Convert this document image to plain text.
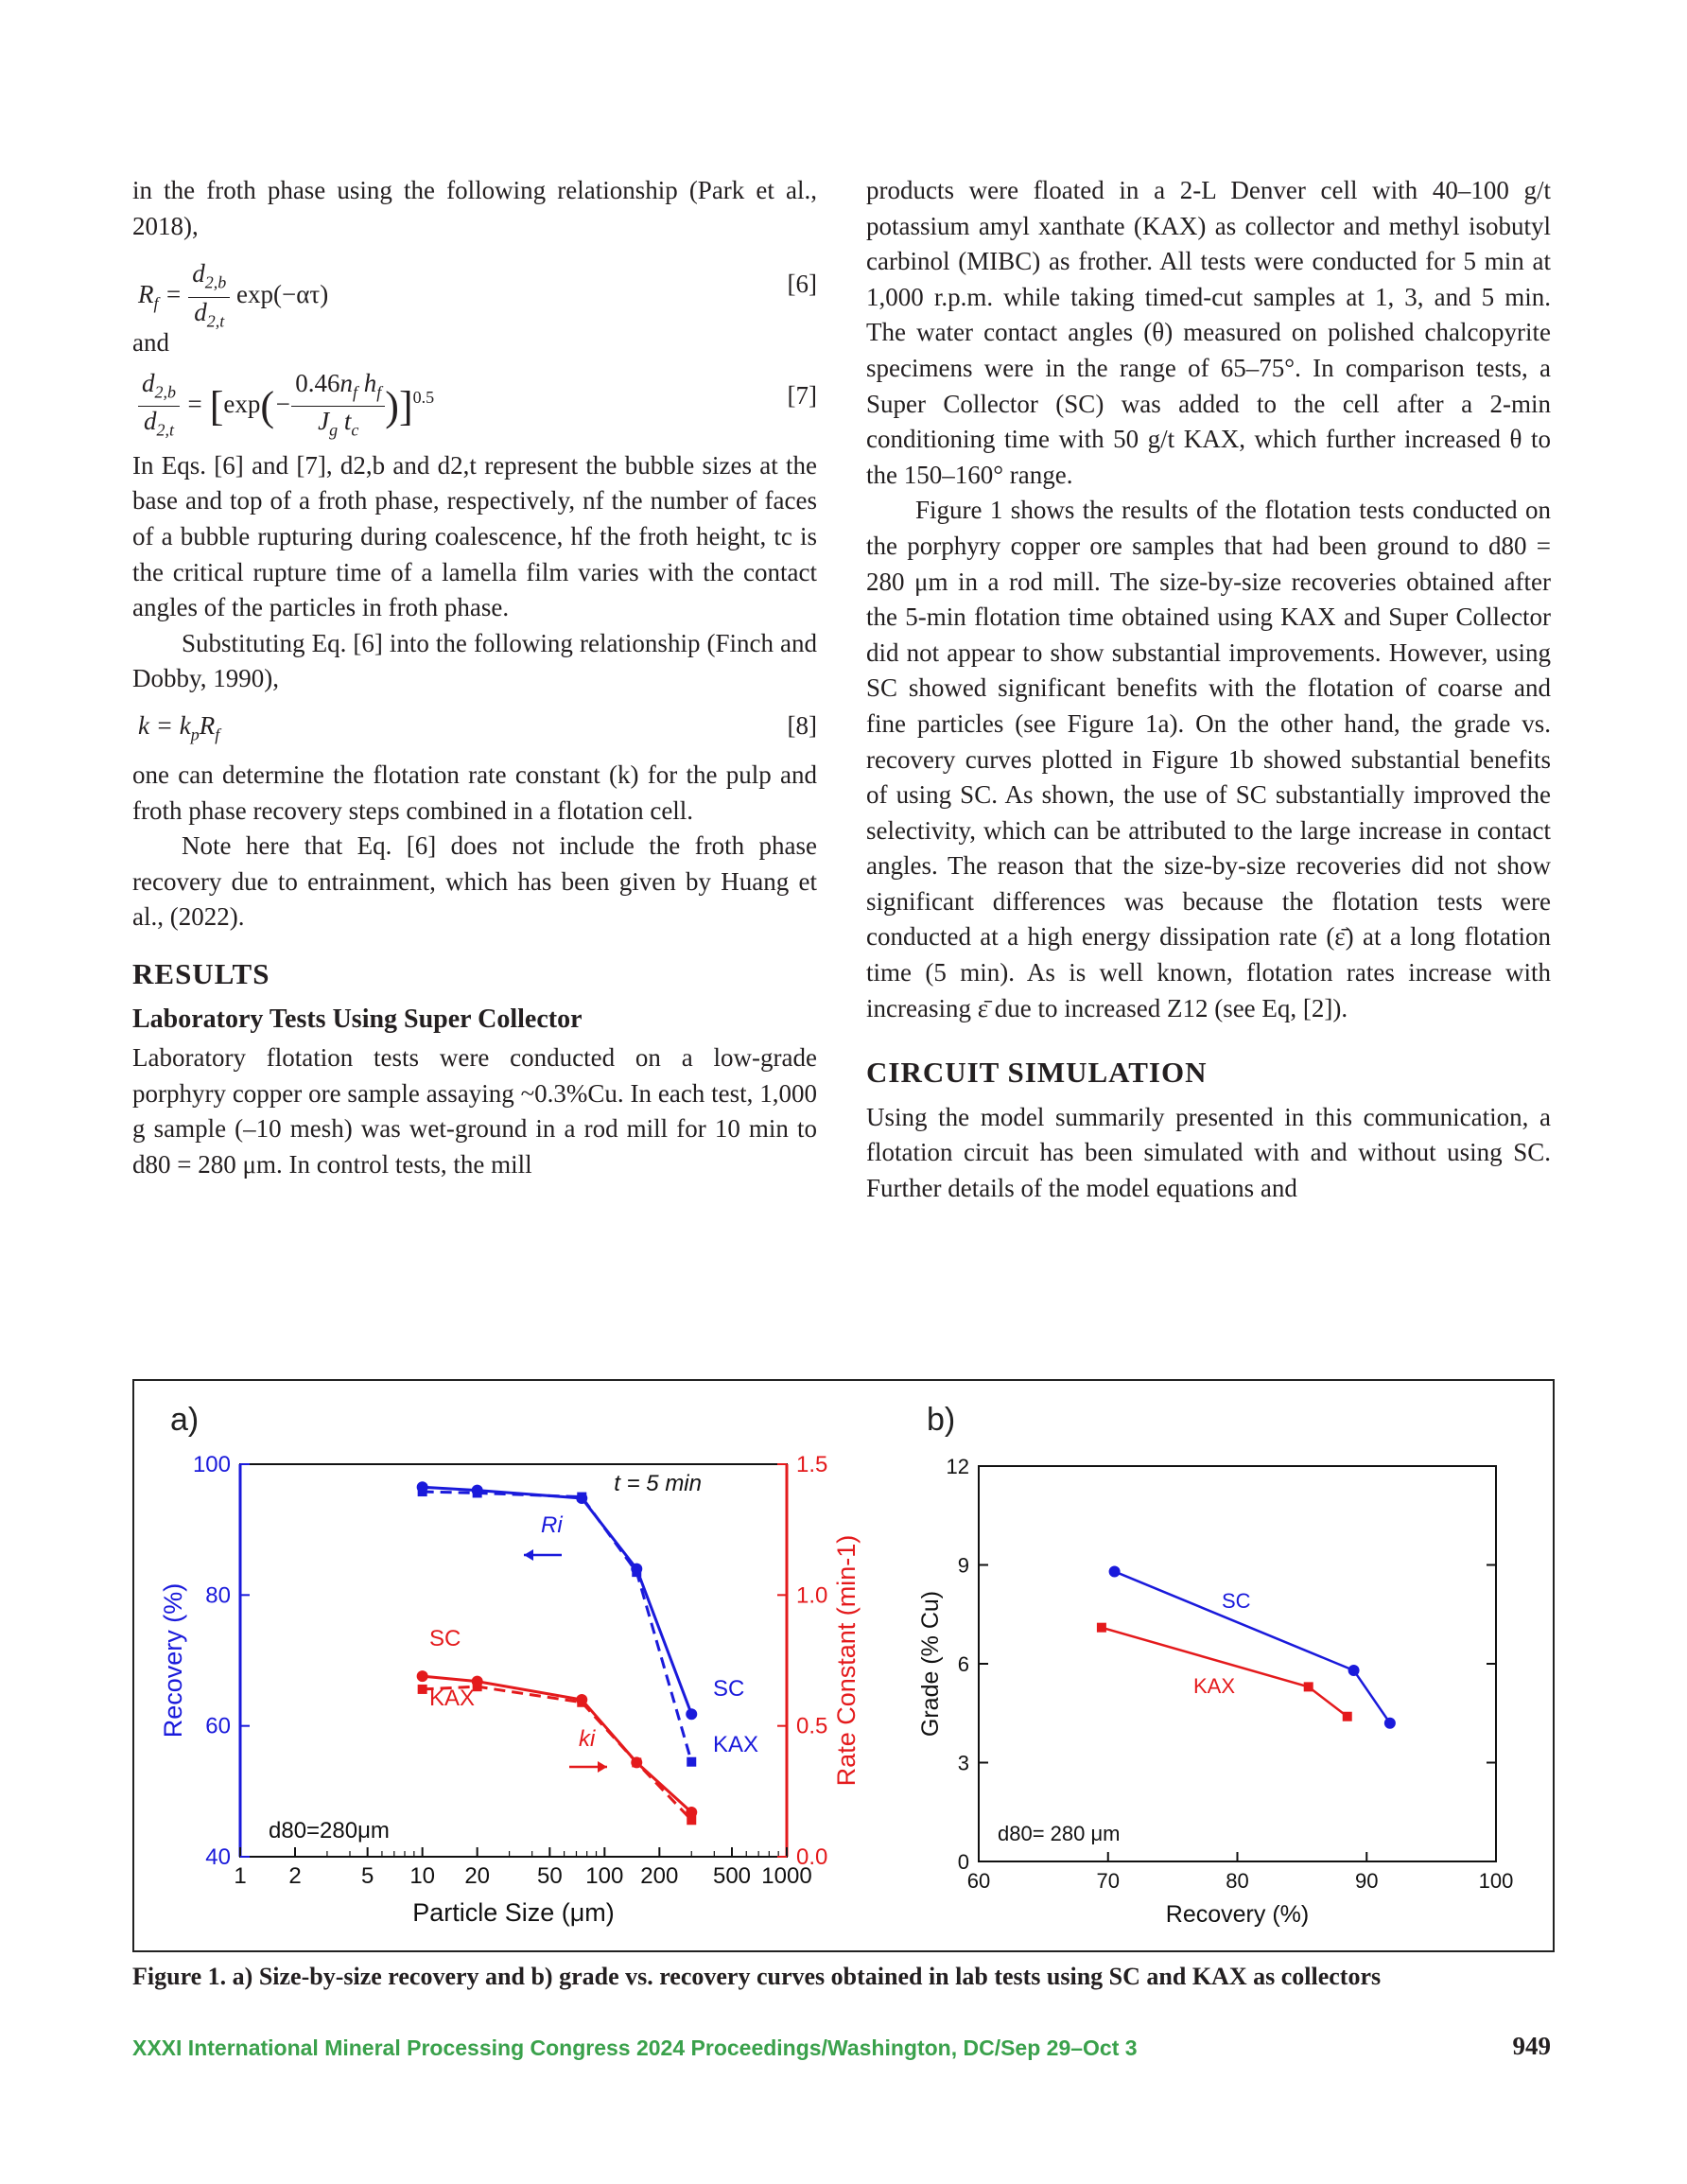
in the froth phase using the following relationship (Park et al., 2018),

$R_f = \frac{d_{2,b}}{d_{2,t}} \exp(-\alpha\tau)$	[6]

and

$\frac{d_{2,b}}{d_{2,t}} = [\exp(- \frac{0.46n_f h_f}{J_g t_c} )]^{0.5}$	[7]

In Eqs. [6] and [7], d2,b and d2,t represent the bubble sizes at the base and top of a froth phase, respectively, nf the number of faces of a bubble rupturing during coalescence, hf the froth height, tc is the critical rupture time of a lamella film varies with the contact angles of the particles in froth phase.

Substituting Eq. [6] into the following relationship (Finch and Dobby, 1990),

$k = k_pR_f$	[8]

one can determine the flotation rate constant (k) for the pulp and froth phase recovery steps combined in a flotation cell.

Note here that Eq. [6] does not include the froth phase recovery due to entrainment, which has been given by Huang et al., (2022).

RESULTS
Laboratory Tests Using Super Collector

Laboratory flotation tests were conducted on a low-grade porphyry copper ore sample assaying ~0.3%Cu. In each test, 1,000 g sample (–10 mesh) was wet-ground in a rod mill for 10 min to d80 = 280 μm. In control tests, the mill

products were floated in a 2-L Denver cell with 40–100 g/t potassium amyl xanthate (KAX) as collector and methyl isobutyl carbinol (MIBC) as frother. All tests were conducted for 5 min at 1,000 r.p.m. while taking timed-cut samples at 1, 3, and 5 min. The water contact angles (θ) measured on polished chalcopyrite specimens were in the range of 65–75°. In comparison tests, a Super Collector (SC) was added to the cell after a 2-min conditioning time with 50 g/t KAX, which further increased θ to the 150–160° range.

Figure 1 shows the results of the flotation tests conducted on the porphyry copper ore samples that had been ground to d80 = 280 μm in a rod mill. The size-by-size recoveries obtained after the 5-min flotation time obtained using KAX and Super Collector did not appear to show substantial improvements. However, using SC showed significant benefits with the flotation of coarse and fine particles (see Figure 1a). On the other hand, the grade vs. recovery curves plotted in Figure 1b showed substantial benefits of using SC. As shown, the use of SC substantially improved the selectivity, which can be attributed to the large increase in contact angles. The reason that the size-by-size recoveries did not show significant differences was because the flotation tests were conducted at a high energy dissipation rate (ε̄) at a long flotation time (5 min). As is well known, flotation rates increase with increasing ε̄ due to increased Z12 (see Eq, [2]).

CIRCUIT SIMULATION

Using the model summarily presented in this communication, a flotation circuit has been simulated with and without using SC. Further details of the model equations and

a)	b)
1 2	5 10 20 50 100 200 500 1000
40
60
80
100
0.0
0.5
1.0
1.5
Particle Size (μm)
Recovery (%)	Rate Constant (min-1)
t = 5 min
Ri
ki
d80=280μm
SC
KAX
SC
KAX
60	70	80	90	100
0
3
6
9
12
Recovery (%)
Grade (% Cu)	SC
KAX
d80= 280 μm
Figure 1. a) Size-by-size recovery and b) grade vs. recovery curves obtained in lab tests using SC and KAX as collectors
XXXI International Mineral Processing Congress 2024 Proceedings/Washington, DC/Sep 29–Oct 3	949
